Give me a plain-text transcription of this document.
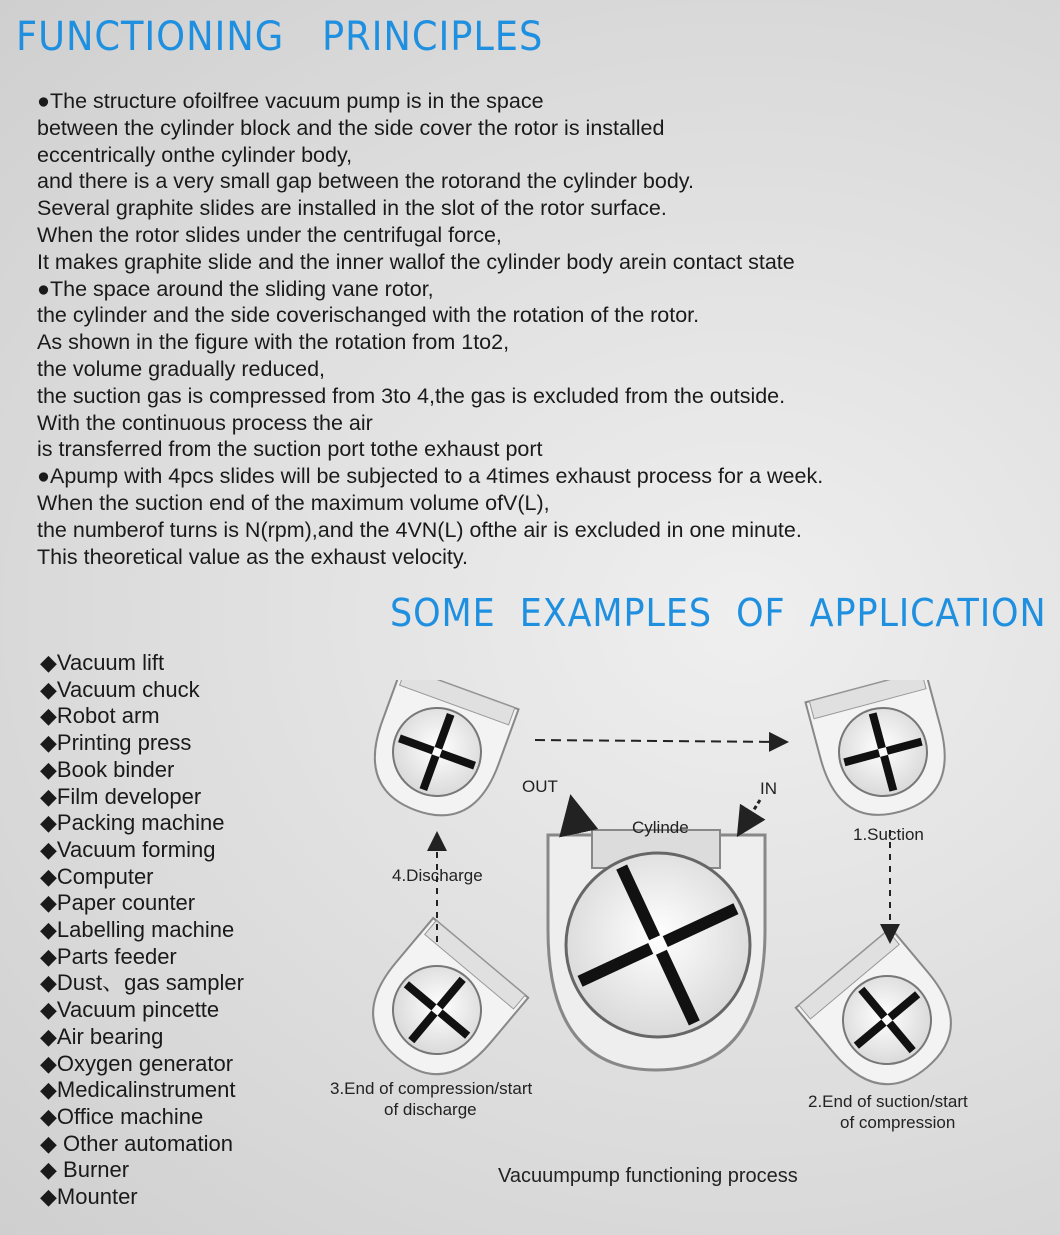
FUNCTIONING   PRINCIPLES
●The structure ofoilfree vacuum pump is in the space
between the cylinder block and the side cover the rotor is installed
eccentrically onthe cylinder body,
and there is a very small gap between the rotorand the cylinder body.
Several graphite slides are installed in the slot of the rotor surface.
When the rotor slides under the centrifugal force,
It makes graphite slide and the inner wallof the cylinder body arein contact state
●The space around the sliding vane rotor,
the cylinder and the side coverischanged with the rotation of the rotor.
As shown in the figure with the rotation from 1to2,
the volume gradually reduced,
the suction gas is compressed from 3to 4,the gas is excluded from the outside.
With the continuous process the air
is transferred from the suction port tothe exhaust port
●Apump with 4pcs slides will be subjected to a 4times exhaust process for a week.
When the suction end of the maximum volume ofV(L),
the numberof turns is N(rpm),and the 4VN(L) ofthe air is excluded in one minute.
This theoretical value as the exhaust velocity.
SOME  EXAMPLES  OF  APPLICATION
◆Vacuum lift
◆Vacuum chuck
◆Robot arm
◆Printing press
◆Book binder
◆Film developer
◆Packing machine
◆Vacuum forming
◆Computer
◆Paper counter
◆Labelling machine
◆Parts feeder
◆Dust、gas sampler
◆Vacuum pincette
◆Air bearing
◆Oxygen generator
◆Medicalinstrument
◆Office machine
◆ Other automation
◆ Burner
◆Mounter
OUT	IN
Cylinde	1.Suction
4.Discharge
3.End of compression/start
of discharge	2.End of suction/start
of compression
Vacuumpump functioning process
